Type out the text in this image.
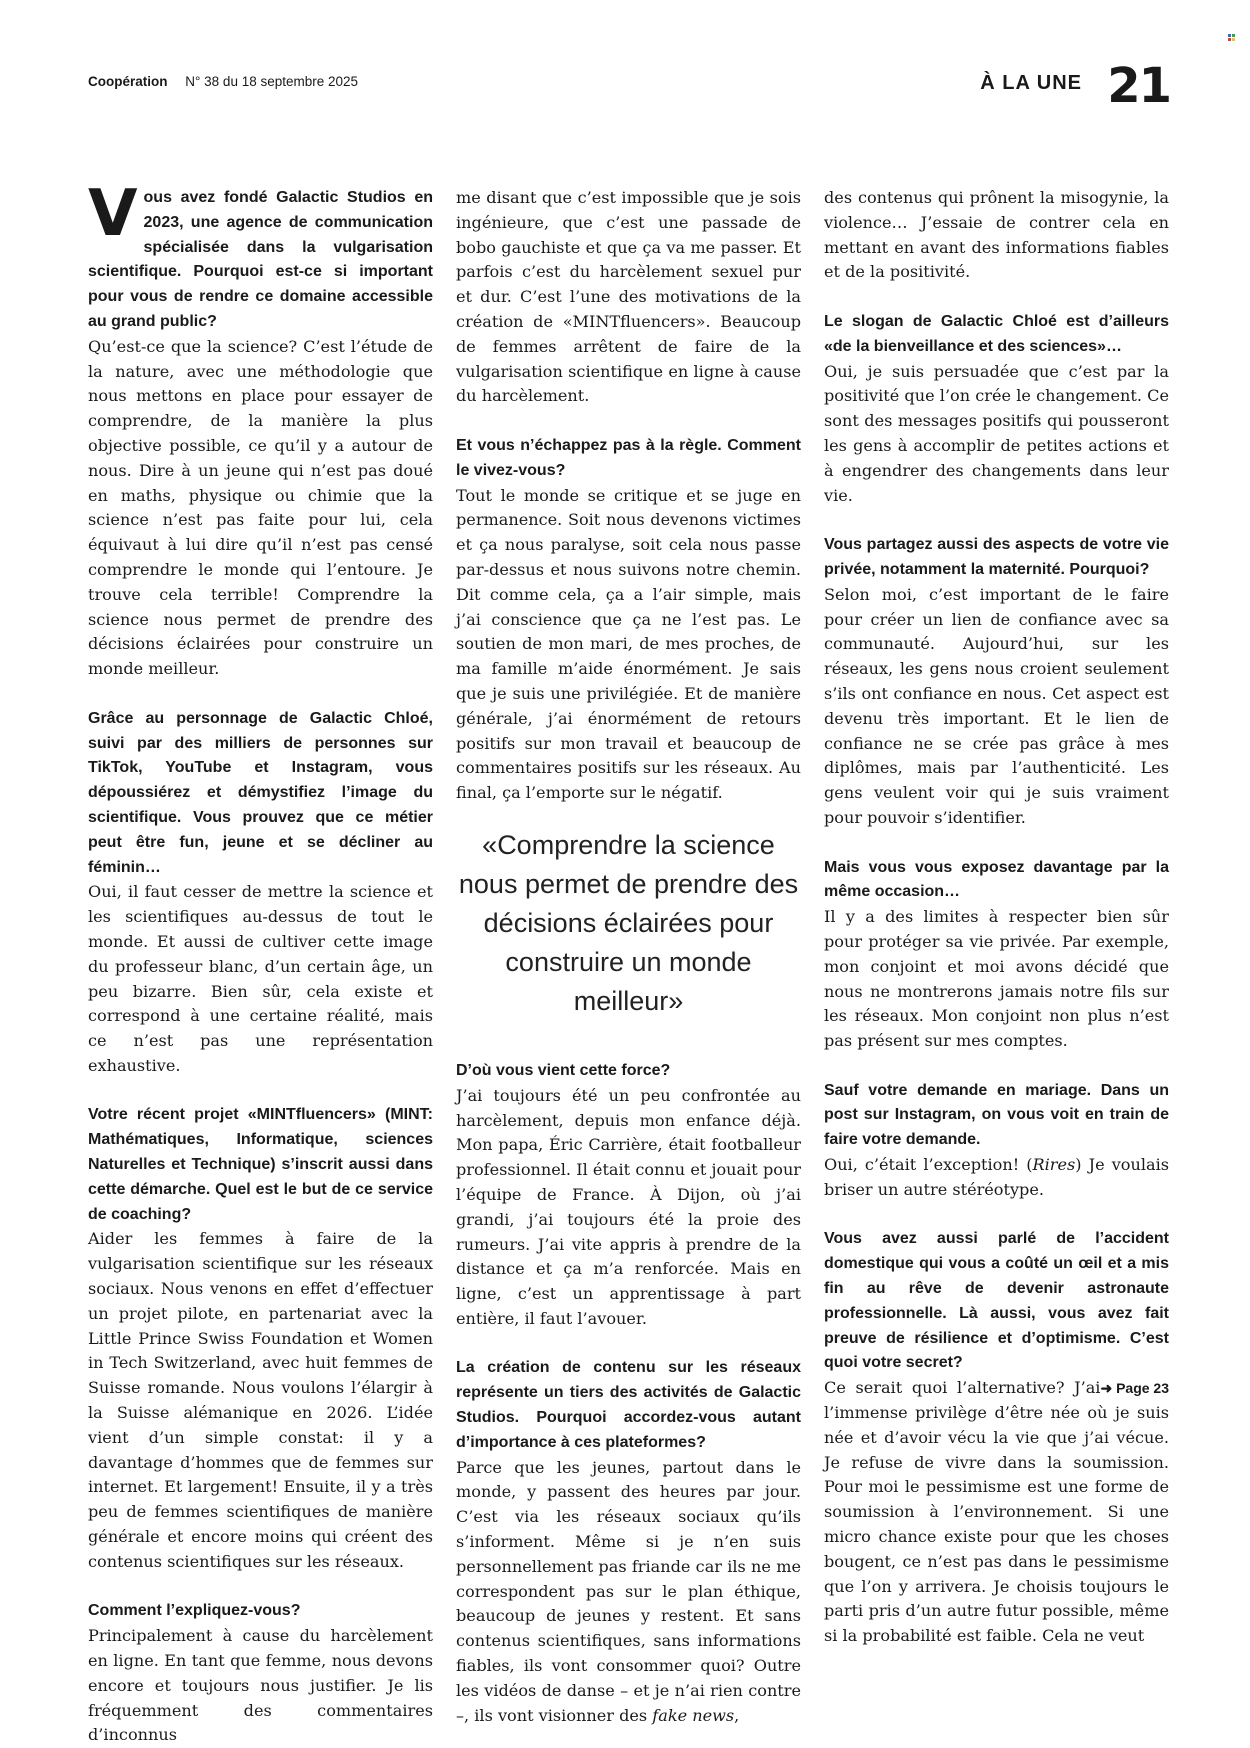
Coopération N° 38 du 18 septembre 2025	À LA UNE 21

Vous avez fondé Galactic Studios en 2023, une agence de communication spécialisée dans la vulgarisation scientifique. Pourquoi est-ce si important pour vous de rendre ce domaine accessible au grand public?

Qu’est-ce que la science? C’est l’étude de la nature, avec une méthodologie que nous mettons en place pour essayer de comprendre, de la manière la plus objective possible, ce qu’il y a autour de nous. Dire à un jeune qui n’est pas doué en maths, physique ou chimie que la science n’est pas faite pour lui, cela équivaut à lui dire qu’il n’est pas censé comprendre le monde qui l’entoure. Je trouve cela terrible! Comprendre la science nous permet de prendre des décisions éclairées pour construire un monde meilleur.

Grâce au personnage de Galactic Chloé, suivi par des milliers de personnes sur TikTok, YouTube et Instagram, vous dépoussiérez et démystifiez l’image du scientifique. Vous prouvez que ce métier peut être fun, jeune et se décliner au féminin…

Oui, il faut cesser de mettre la science et les scientifiques au-dessus de tout le monde. Et aussi de cultiver cette image du professeur blanc, d’un certain âge, un peu bizarre. Bien sûr, cela existe et correspond à une certaine réalité, mais ce n’est pas une représentation exhaustive.

Votre récent projet «MINTfluencers» (MINT: Mathématiques, Informatique, sciences Naturelles et Technique) s’inscrit aussi dans cette démarche. Quel est le but de ce service de coaching?

Aider les femmes à faire de la vulgarisation scientifique sur les réseaux sociaux. Nous venons en effet d’effectuer un projet pilote, en partenariat avec la Little Prince Swiss Foundation et Women in Tech Switzerland, avec huit femmes de Suisse romande. Nous voulons l’élargir à la Suisse alémanique en 2026. L’idée vient d’un simple constat: il y a davantage d’hommes que de femmes sur internet. Et largement! Ensuite, il y a très peu de femmes scientifiques de manière générale et encore moins qui créent des contenus scientifiques sur les réseaux.

Comment l’expliquez-vous?

Principalement à cause du harcèlement en ligne. En tant que femme, nous devons encore et toujours nous justifier. Je lis fréquemment des commentaires d’inconnus

me disant que c’est impossible que je sois ingénieure, que c’est une passade de bobo gauchiste et que ça va me passer. Et parfois c’est du harcèlement sexuel pur et dur. C’est l’une des motivations de la création de «MINTfluencers». Beaucoup de femmes arrêtent de faire de la vulgarisation scientifique en ligne à cause du harcèlement.

Et vous n’échappez pas à la règle. Comment le vivez-vous?

Tout le monde se critique et se juge en permanence. Soit nous devenons victimes et ça nous paralyse, soit cela nous passe par-dessus et nous suivons notre chemin. Dit comme cela, ça a l’air simple, mais j’ai conscience que ça ne l’est pas. Le soutien de mon mari, de mes proches, de ma famille m’aide énormément. Je sais que je suis une privilégiée. Et de manière générale, j’ai énormément de retours positifs sur mon travail et beaucoup de commentaires positifs sur les réseaux. Au final, ça l’emporte sur le négatif.

«Comprendre la science nous permet de prendre des décisions éclairées pour construire un monde meilleur»

D’où vous vient cette force?

J’ai toujours été un peu confrontée au harcèlement, depuis mon enfance déjà. Mon papa, Éric Carrière, était footballeur professionnel. Il était connu et jouait pour l’équipe de France. À Dijon, où j’ai grandi, j’ai toujours été la proie des rumeurs. J’ai vite appris à prendre de la distance et ça m’a renforcée. Mais en ligne, c’est un apprentissage à part entière, il faut l’avouer.

La création de contenu sur les réseaux représente un tiers des activités de Galactic Studios. Pourquoi accordez-vous autant d’importance à ces plateformes?

Parce que les jeunes, partout dans le monde, y passent des heures par jour. C’est via les réseaux sociaux qu’ils s’informent. Même si je n’en suis personnellement pas friande car ils ne me correspondent pas sur le plan éthique, beaucoup de jeunes y restent. Et sans contenus scientifiques, sans informations fiables, ils vont consommer quoi? Outre les vidéos de danse – et je n’ai rien contre –, ils vont visionner des fake news,

des contenus qui prônent la misogynie, la violence… J’essaie de contrer cela en mettant en avant des informations fiables et de la positivité.

Le slogan de Galactic Chloé est d’ailleurs «de la bienveillance et des sciences»…

Oui, je suis persuadée que c’est par la positivité que l’on crée le changement. Ce sont des messages positifs qui pousseront les gens à accomplir de petites actions et à engendrer des changements dans leur vie.

Vous partagez aussi des aspects de votre vie privée, notamment la maternité. Pourquoi?

Selon moi, c’est important de le faire pour créer un lien de confiance avec sa communauté. Aujourd’hui, sur les réseaux, les gens nous croient seulement s’ils ont confiance en nous. Cet aspect est devenu très important. Et le lien de confiance ne se crée pas grâce à mes diplômes, mais par l’authenticité. Les gens veulent voir qui je suis vraiment pour pouvoir s’identifier.

Mais vous vous exposez davantage par la même occasion…

Il y a des limites à respecter bien sûr pour protéger sa vie privée. Par exemple, mon conjoint et moi avons décidé que nous ne montrerons jamais notre fils sur les réseaux. Mon conjoint non plus n’est pas présent sur mes comptes.

Sauf votre demande en mariage. Dans un post sur Instagram, on vous voit en train de faire votre demande.

Oui, c’était l’exception! (Rires) Je voulais briser un autre stéréotype.

Vous avez aussi parlé de l’accident domestique qui vous a coûté un œil et a mis fin au rêve de devenir astronaute professionnelle. Là aussi, vous avez fait preuve de résilience et d’optimisme. C’est quoi votre secret?

➜ Page 23
Ce serait quoi l’alternative? J’ai l’immense privilège d’être née où je suis née et d’avoir vécu la vie que j’ai vécue. Je refuse de vivre dans la soumission. Pour moi le pessimisme est une forme de soumission à l’environnement. Si une micro chance existe pour que les choses bougent, ce n’est pas dans le pessimisme que l’on y arrivera. Je choisis toujours le parti pris d’un autre futur possible, même si la probabilité est faible. Cela ne veut
